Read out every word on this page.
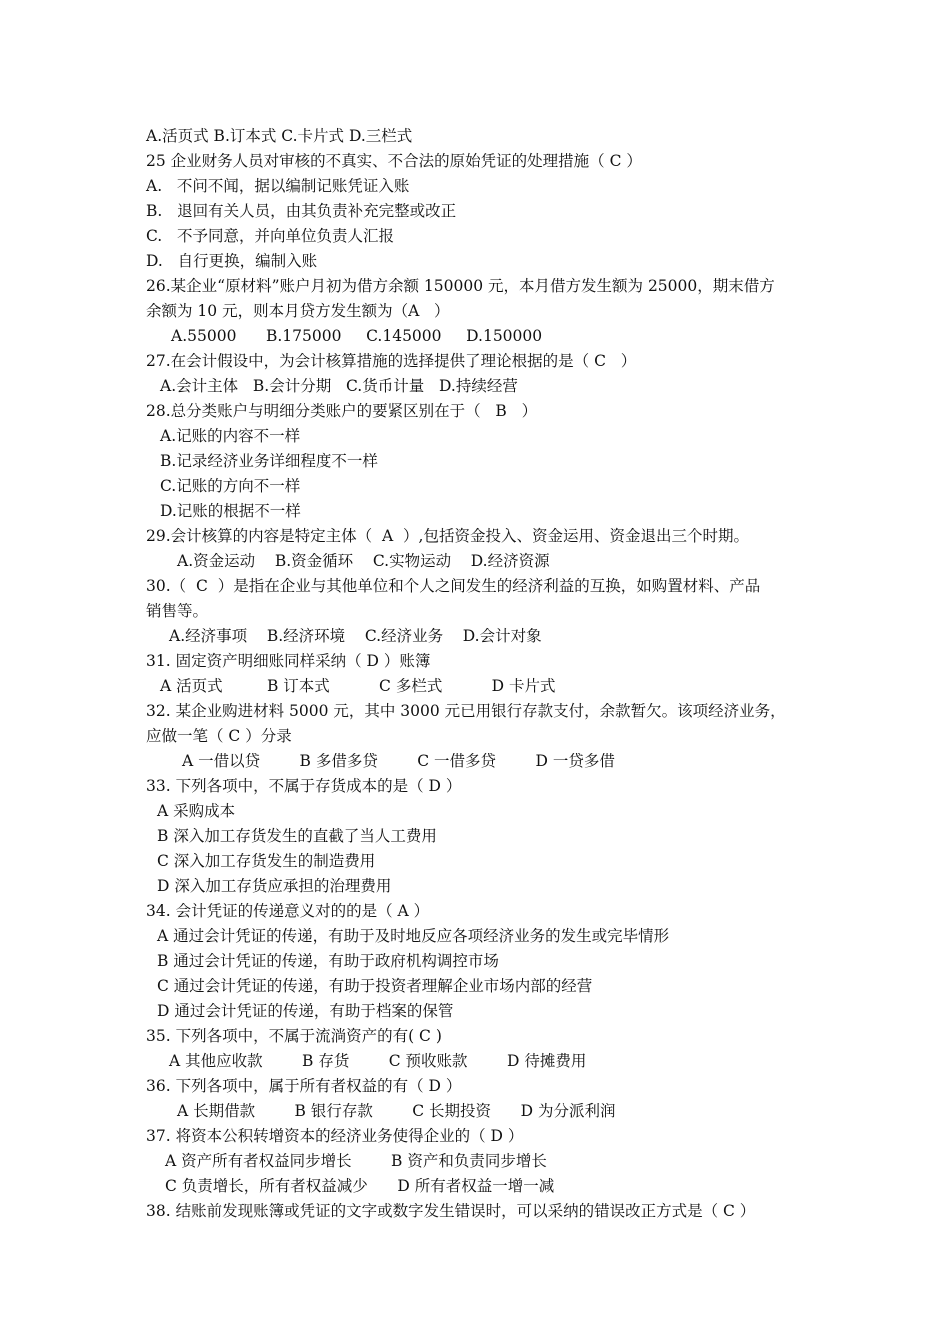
A.活页式 B.订本式 C.卡片式 D.三栏式
25 企业财务人员对审核的不真实、不合法的原始凭证的处理措施（ C ）
A.   不问不闻，据以编制记账凭证入账
B.   退回有关人员，由其负责补充完整或改正
C.   不予同意，并向单位负责人汇报
D.   自行更换，编制入账
26.某企业“原材料”账户月初为借方余额 150000 元，本月借方发生额为 25000，期末借方
余额为 10 元，则本月贷方发生额为（A   ）
A.55000      B.175000     C.145000     D.150000
27.在会计假设中，为会计核算措施的选择提供了理论根据的是（ C   ）
A.会计主体   B.会计分期   C.货币计量   D.持续经营
28.总分类账户与明细分类账户的要紧区别在于（   B   ）
A.记账的内容不一样
B.记录经济业务详细程度不一样
C.记账的方向不一样
D.记账的根据不一样
29.会计核算的内容是特定主体（  A  ）,包括资金投入、资金运用、资金退出三个时期。
A.资金运动    B.资金循环    C.实物运动    D.经济资源
30.（  C  ）是指在企业与其他单位和个人之间发生的经济利益的互换，如购置材料、产品
销售等。
A.经济事项    B.经济环境    C.经济业务    D.会计对象
31. 固定资产明细账同样采纳（ D ）账簿
A 活页式         B 订本式          C 多栏式          D 卡片式
32. 某企业购进材料 5000 元，其中 3000 元已用银行存款支付，余款暂欠。该项经济业务，
应做一笔（ C ）分录
A 一借以贷        B 多借多贷        C 一借多贷        D 一贷多借
33. 下列各项中，不属于存货成本的是（ D ）
A 采购成本
B 深入加工存货发生的直截了当人工费用
C 深入加工存货发生的制造费用
D 深入加工存货应承担的治理费用
34. 会计凭证的传递意义对的的是（ A ）
A 通过会计凭证的传递，有助于及时地反应各项经济业务的发生或完毕情形
B 通过会计凭证的传递，有助于政府机构调控市场
C 通过会计凭证的传递，有助于投资者理解企业市场内部的经营
D 通过会计凭证的传递，有助于档案的保管
35. 下列各项中，不属于流淌资产的有( C )
A 其他应收款        B 存货        C 预收账款        D 待摊费用
36. 下列各项中，属于所有者权益的有（ D ）
A 长期借款        B 银行存款        C 长期投资      D 为分派利润
37. 将资本公积转增资本的经济业务使得企业的（ D ）
A 资产所有者权益同步增长        B 资产和负责同步增长
C 负责增长，所有者权益减少      D 所有者权益一增一减
38. 结账前发现账簿或凭证的文字或数字发生错误时，可以采纳的错误改正方式是（ C ）
